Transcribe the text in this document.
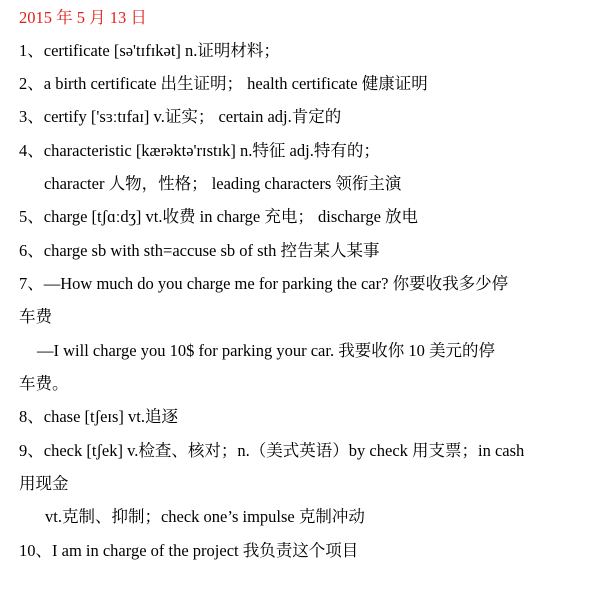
2015 年 5 月 13 日
1、certificate [sə'tɪfɪkət] n.证明材料；
2、a birth certificate 出生证明； health certificate 健康证明
3、certify ['sɜːtɪfaɪ] v.证实； certain adj.肯定的
4、characteristic [kærəktə'rɪstɪk] n.特征 adj.特有的；
character 人物，性格； leading characters 领衔主演
5、charge [tʃɑːdʒ] vt.收费 in charge 充电； discharge 放电
6、charge sb with sth=accuse sb of sth 控告某人某事
7、—How much do you charge me for parking the car? 你要收我多少停
车费
—I will charge you 10$ for parking your car. 我要收你 10 美元的停
车费。
8、chase [tʃeɪs] vt.追逐
9、check [tʃek] v.检查、核对；n.（美式英语）by check 用支票；in cash
用现金
vt.克制、抑制；check one’s impulse 克制冲动
10、I am in charge of the project 我负责这个项目
